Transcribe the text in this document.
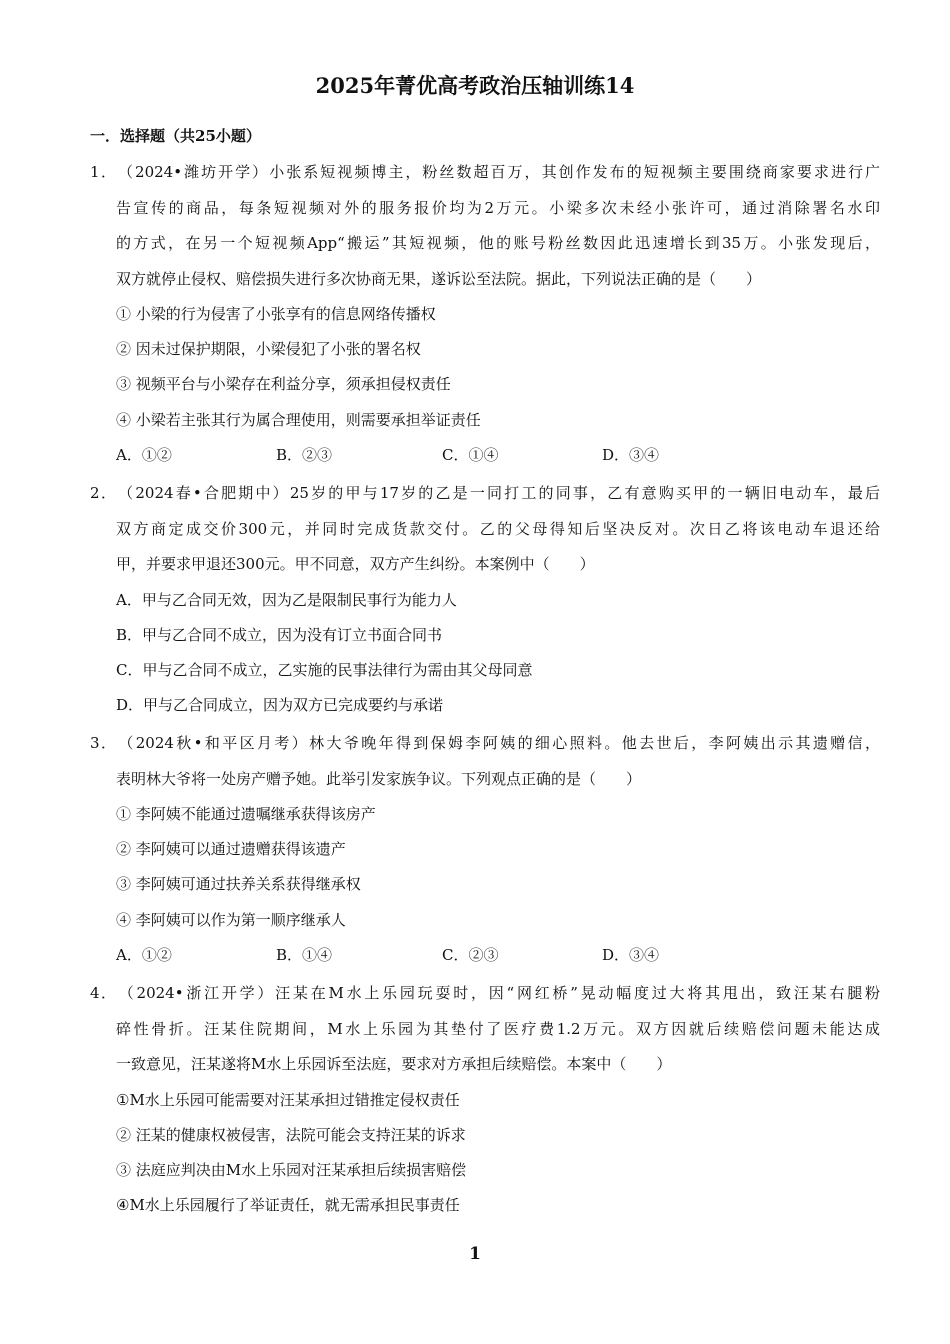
2025年菁优高考政治压轴训练14
一．选择题（共25小题）
1．（2024•潍坊开学）小张系短视频博主，粉丝数超百万，其创作发布的短视频主要围绕商家要求进行广
告宣传的商品，每条短视频对外的服务报价均为2万元。小梁多次未经小张许可，通过消除署名水印
的方式，在另一个短视频App“搬运”其短视频，他的账号粉丝数因此迅速增长到35万。小张发现后，
双方就停止侵权、赔偿损失进行多次协商无果，遂诉讼至法院。据此，下列说法正确的是（　　）
① 小梁的行为侵害了小张享有的信息网络传播权
② 因未过保护期限，小梁侵犯了小张的署名权
③ 视频平台与小梁存在利益分享，须承担侵权责任
④ 小梁若主张其行为属合理使用，则需要承担举证责任
A．①②	B．②③	C．①④	D．③④
2．（2024春•合肥期中）25岁的甲与17岁的乙是一同打工的同事，乙有意购买甲的一辆旧电动车，最后
双方商定成交价300元，并同时完成货款交付。乙的父母得知后坚决反对。次日乙将该电动车退还给
甲，并要求甲退还300元。甲不同意，双方产生纠纷。本案例中（　　）
A．甲与乙合同无效，因为乙是限制民事行为能力人
B．甲与乙合同不成立，因为没有订立书面合同书
C．甲与乙合同不成立，乙实施的民事法律行为需由其父母同意
D．甲与乙合同成立，因为双方已完成要约与承诺
3．（2024秋•和平区月考）林大爷晚年得到保姆李阿姨的细心照料。他去世后，李阿姨出示其遗赠信，
表明林大爷将一处房产赠予她。此举引发家族争议。下列观点正确的是（　　）
① 李阿姨不能通过遗嘱继承获得该房产
② 李阿姨可以通过遗赠获得该遗产
③ 李阿姨可通过扶养关系获得继承权
④ 李阿姨可以作为第一顺序继承人
A．①②	B．①④	C．②③	D．③④
4．（2024•浙江开学）汪某在M水上乐园玩耍时，因“网红桥”晃动幅度过大将其甩出，致汪某右腿粉
碎性骨折。汪某住院期间，M水上乐园为其垫付了医疗费1.2万元。双方因就后续赔偿问题未能达成
一致意见，汪某遂将M水上乐园诉至法庭，要求对方承担后续赔偿。本案中（　　）
①M水上乐园可能需要对汪某承担过错推定侵权责任
② 汪某的健康权被侵害，法院可能会支持汪某的诉求
③ 法庭应判决由M水上乐园对汪某承担后续损害赔偿
④M水上乐园履行了举证责任，就无需承担民事责任
1
